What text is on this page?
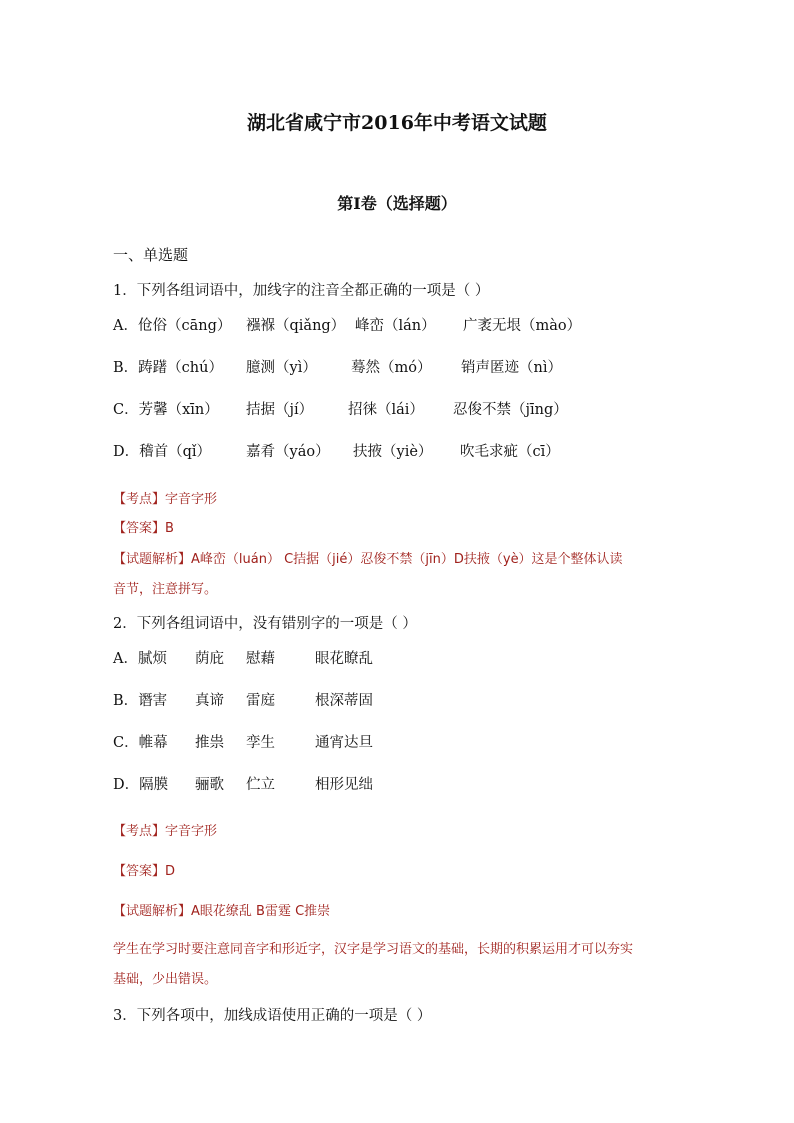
湖北省咸宁市2016年中考语文试题
第I卷（选择题）
一、单选题
1．下列各组词语中，加线字的注音全都正确的一项是（ ）
A．伧俗（cāng） 襁褓（qiǎng） 峰峦（lán） 广袤无垠（mào）
B．踌躇（chú） 臆测（yì） 蓦然（mó） 销声匿迹（nì）
C．芳馨（xīn） 拮据（jí） 招徕（lái） 忍俊不禁（jīng）
D．稽首（qǐ） 嘉肴（yáo） 扶掖（yiè） 吹毛求疵（cī）
【考点】字音字形
【答案】B
【试题解析】A峰峦（luán） C拮据（jié）忍俊不禁（jīn）D扶掖（yè）这是个整体认读
音节，注意拼写。
2．下列各组词语中，没有错别字的一项是（ ）
A．腻烦 荫庇 慰藉	眼花瞭乱
B．谮害 真谛 雷庭	根深蒂固
C．帷幕 推祟 孪生	通宵达旦
D．隔膜 骊歌 伫立	相形见绌
【考点】字音字形
【答案】D
【试题解析】A眼花缭乱 B雷霆 C推崇
学生在学习时要注意同音字和形近字，汉字是学习语文的基础，长期的积累运用才可以夯实
基础，少出错误。
3．下列各项中，加线成语使用正确的一项是（ ）
